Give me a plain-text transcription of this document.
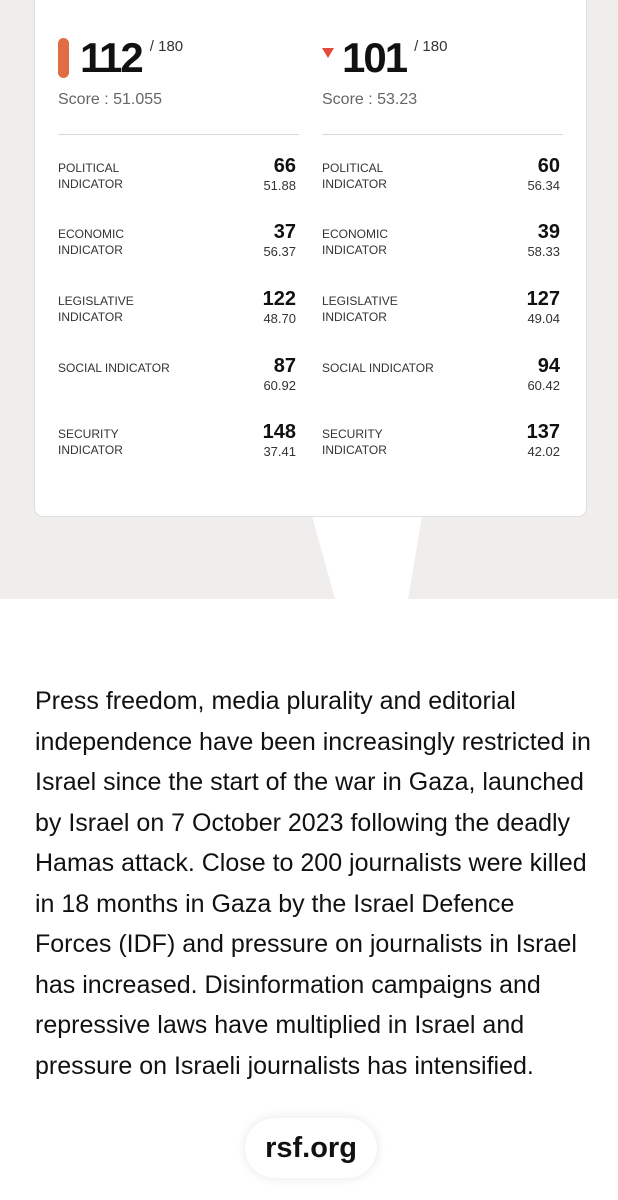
112 / 180
Score : 51.055
POLITICAL INDICATOR
66
51.88
ECONOMIC INDICATOR
37
56.37
LEGISLATIVE INDICATOR
122
48.70
SOCIAL INDICATOR	87
60.92
SECURITY INDICATOR
148
37.41
101 / 180
Score : 53.23
POLITICAL INDICATOR
60
56.34
ECONOMIC INDICATOR
39
58.33
LEGISLATIVE INDICATOR
127
49.04
SOCIAL INDICATOR	94
60.42
SECURITY INDICATOR
137
42.02
Press freedom, media plurality and editorial independence have been increasingly restricted in Israel since the start of the war in Gaza, launched by Israel on 7 October 2023 following the deadly Hamas attack. Close to 200 journalists were killed in 18 months in Gaza by the Israel Defence Forces (IDF) and pressure on journalists in Israel has increased. Disinformation campaigns and repressive laws have multiplied in Israel and pressure on Israeli journalists has intensified.
rsf.org
